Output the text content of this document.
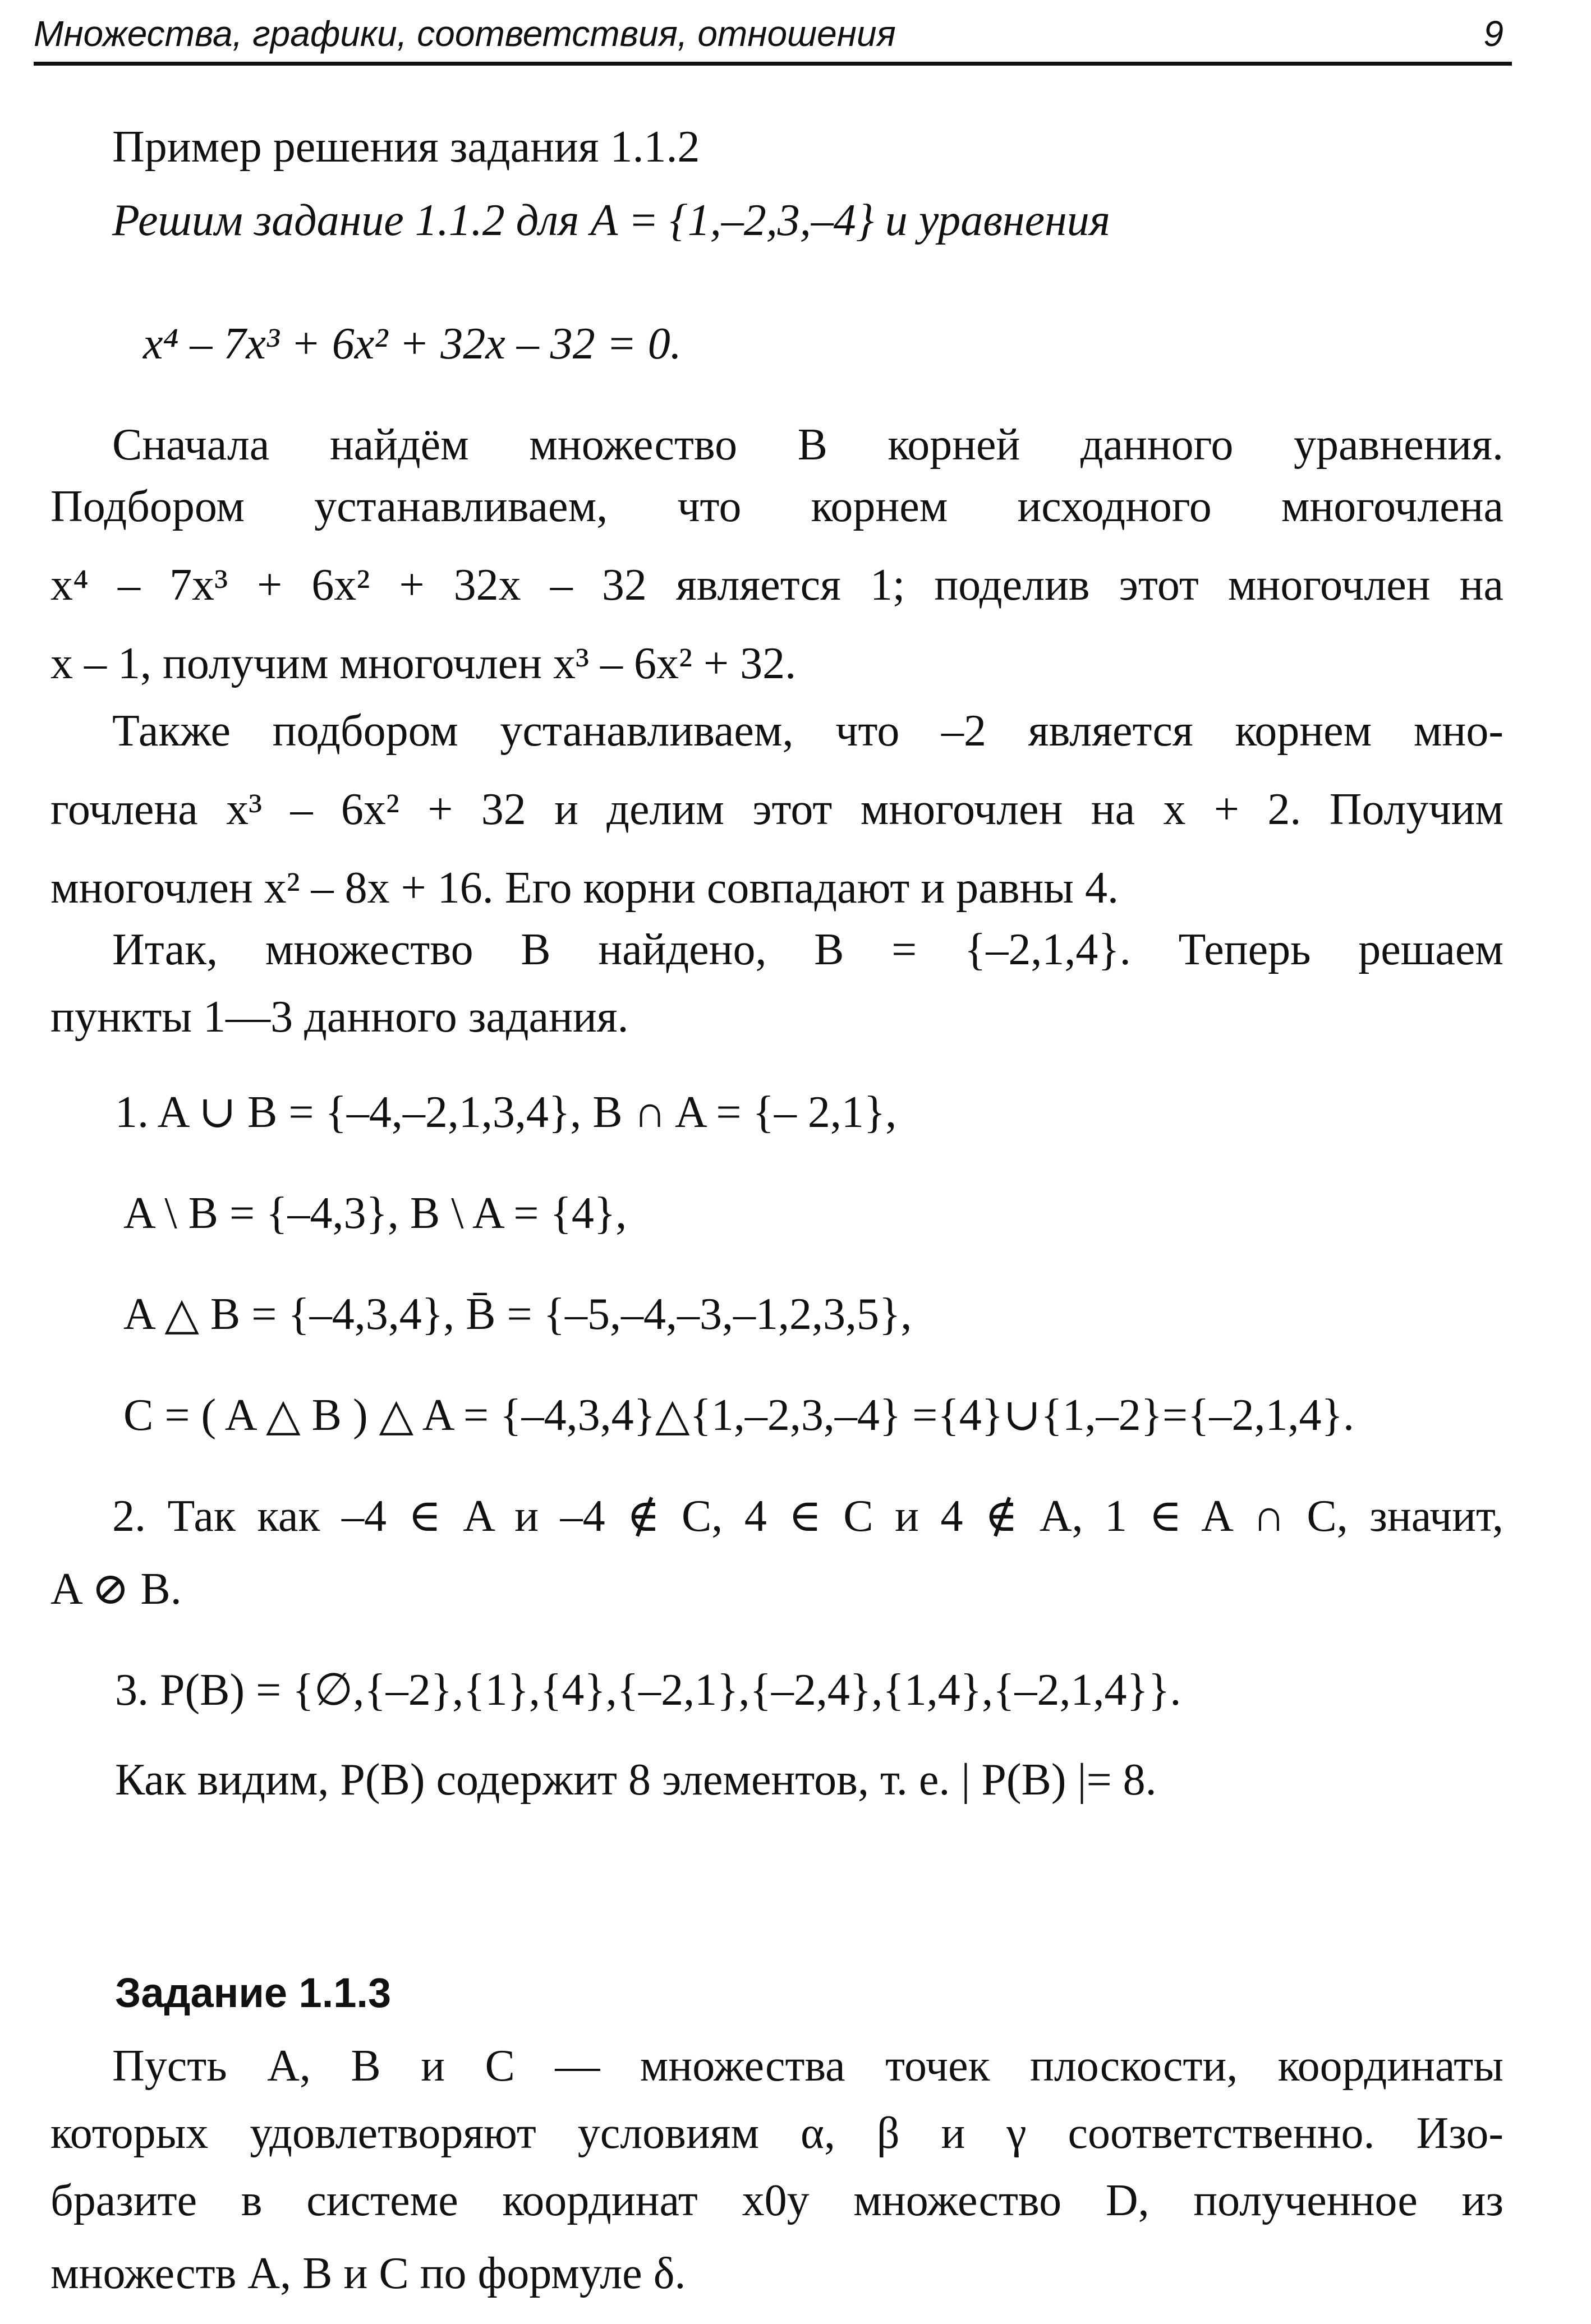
Множества, графики, соответствия, отношения	9
Пример решения задания 1.1.2
Решим задание 1.1.2 для A = {1,–2,3,–4} и уравнения
x⁴ – 7x³ + 6x² + 32x – 32 = 0.
Сначала найдём множество B корней данного уравнения.
Подбором устанавливаем, что корнем исходного многочлена
x⁴ – 7x³ + 6x² + 32x – 32 является 1; поделив этот многочлен на
x – 1, получим многочлен x³ – 6x² + 32.
Также подбором устанавливаем, что –2 является корнем мно-
гочлена x³ – 6x² + 32 и делим этот многочлен на x + 2. Получим
многочлен x² – 8x + 16. Его корни совпадают и равны 4.
Итак, множество B найдено, B = {–2,1,4}. Теперь решаем
пункты 1—3 данного задания.
1. A ∪ B = {–4,–2,1,3,4}, B ∩ A = {– 2,1},
A \ B = {–4,3}, B \ A = {4},
A △ B = {–4,3,4}, B̄ = {–5,–4,–3,–1,2,3,5},
C = ( A △ B ) △ A = {–4,3,4}△{1,–2,3,–4} ={4}∪{1,–2}={–2,1,4}.
2. Так как –4 ∈ A и –4 ∉ C, 4 ∈ C и 4 ∉ A, 1 ∈ A ∩ C, значит,
A ⊘ B.
3. P(B) = {∅,{–2},{1},{4},{–2,1},{–2,4},{1,4},{–2,1,4}}.
Как видим, P(B) содержит 8 элементов, т. е. | P(B) |= 8.
Задание 1.1.3
Пусть A, B и C — множества точек плоскости, координаты
которых удовлетворяют условиям α, β и γ соответственно. Изо-
бразите в системе координат x0y множество D, полученное из
множеств A, B и C по формуле δ.
